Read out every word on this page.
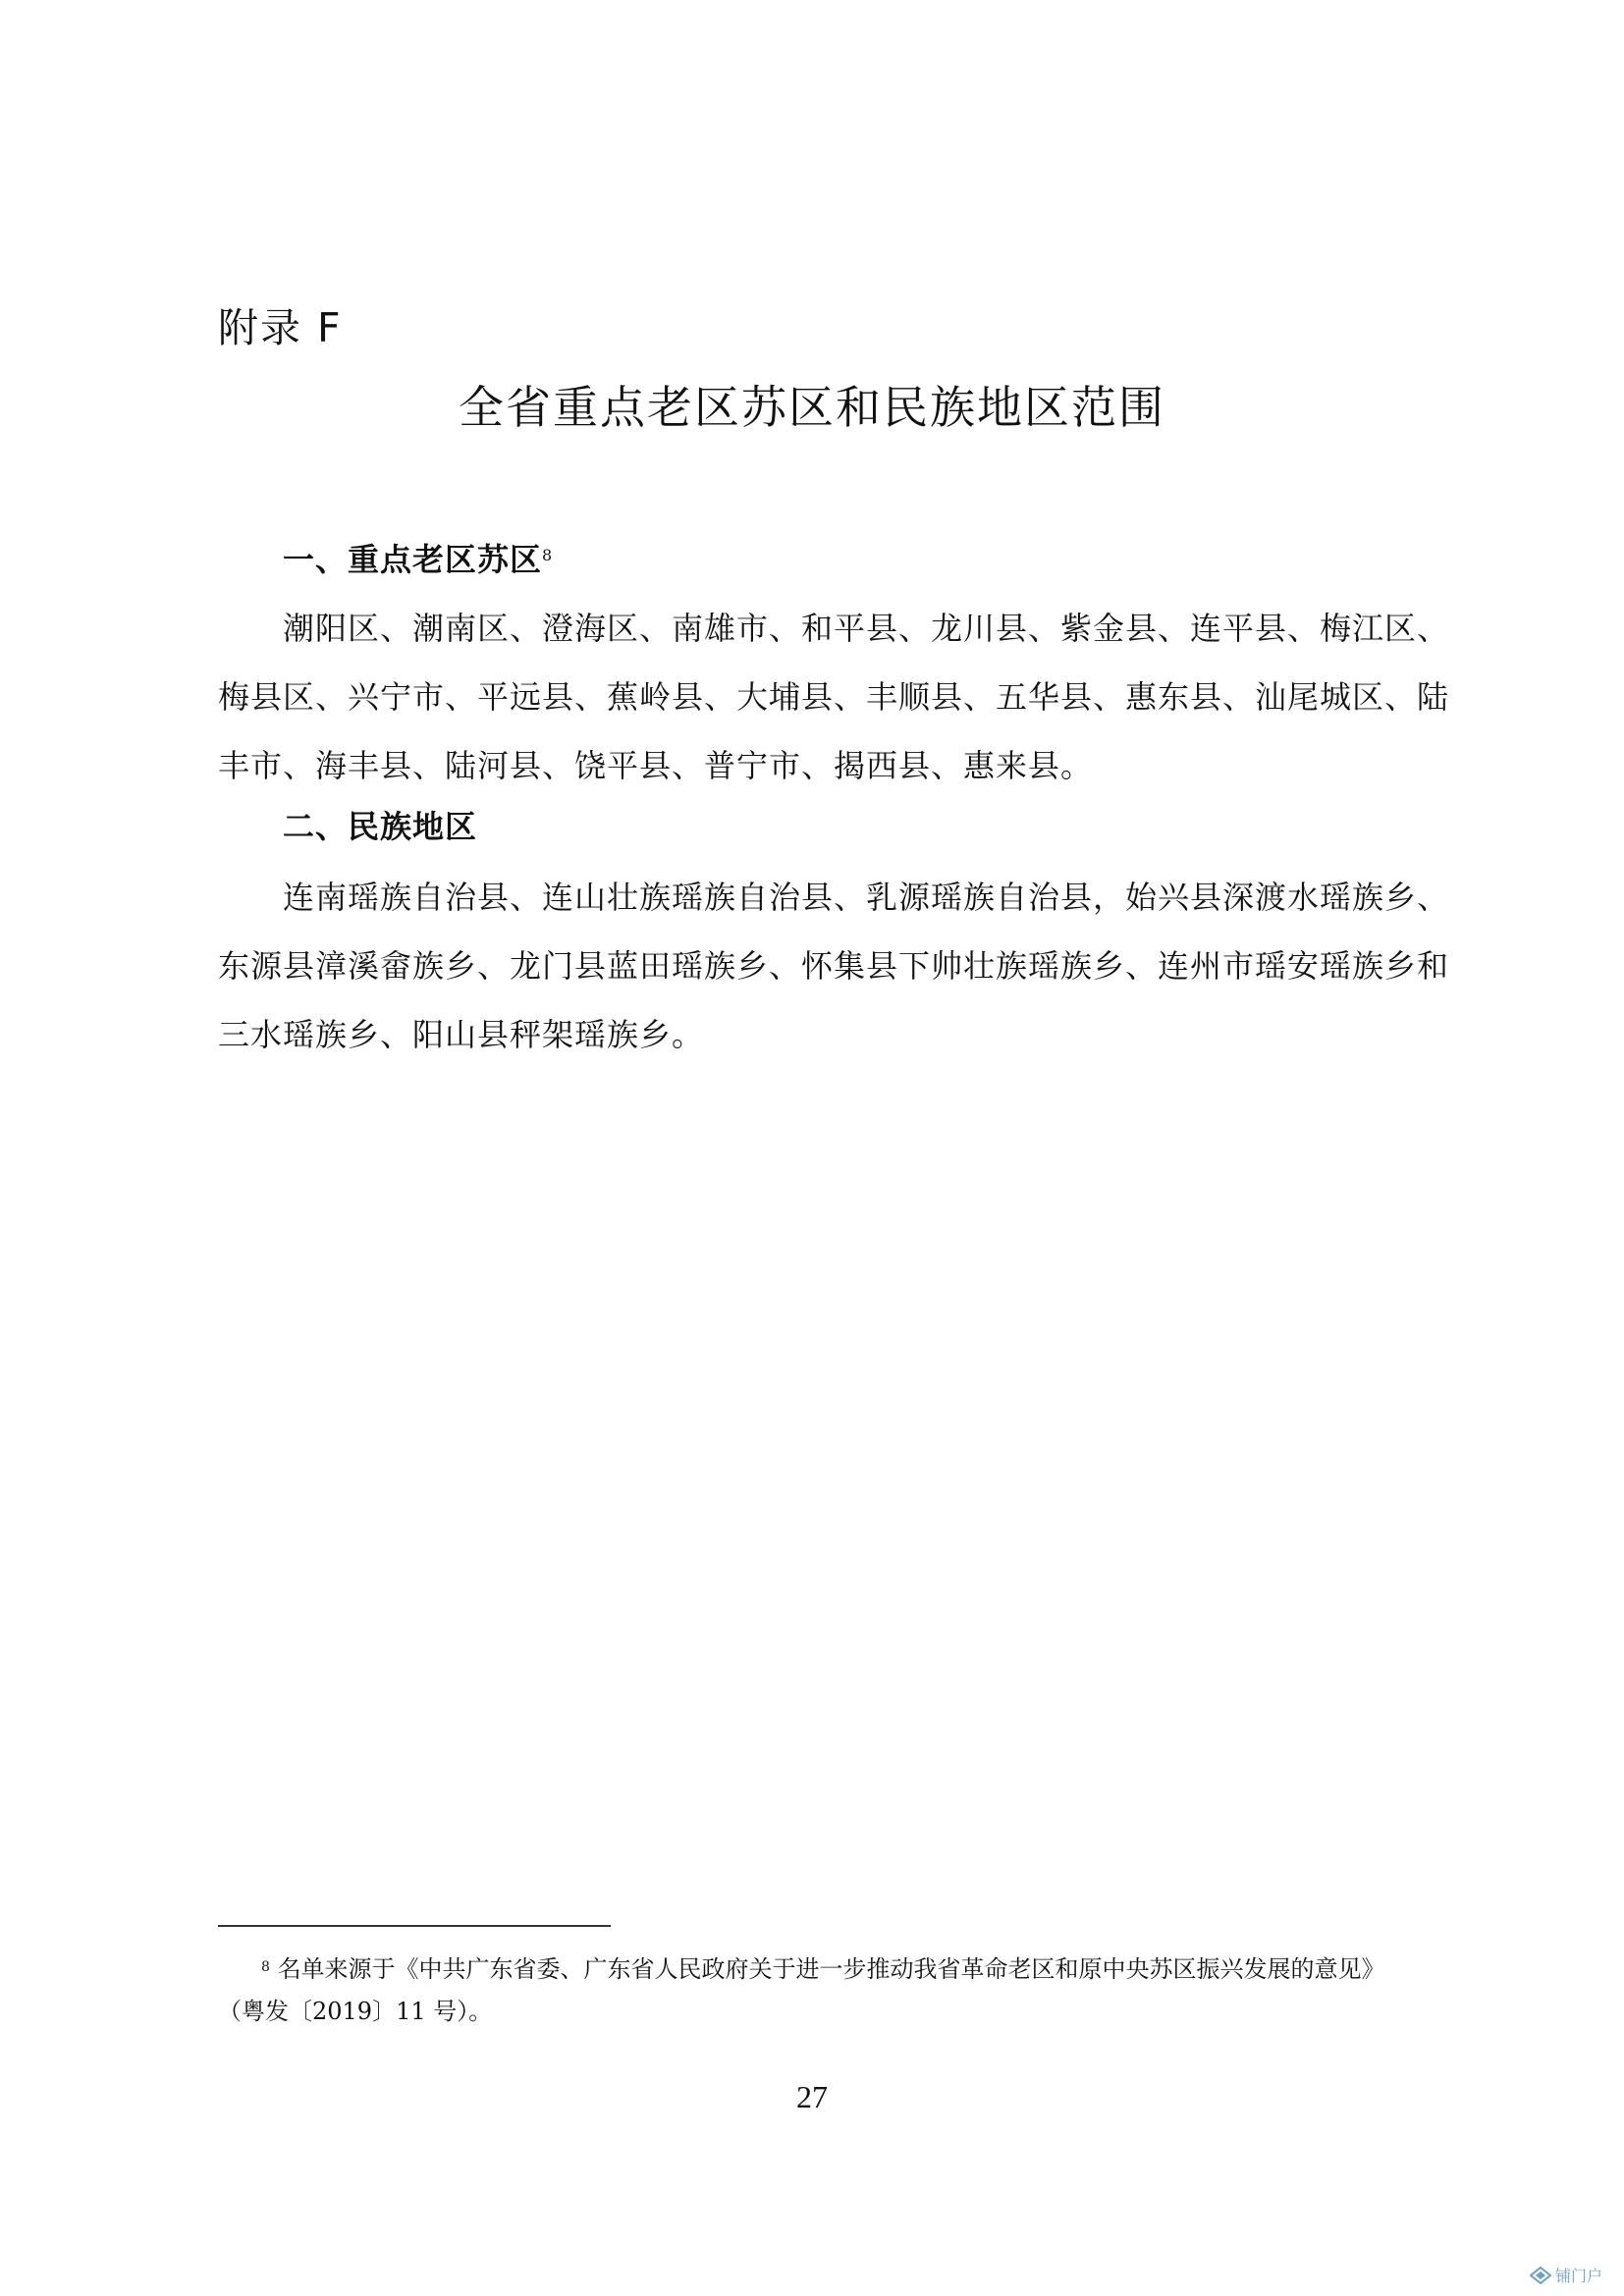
附录 F
全省重点老区苏区和民族地区范围
一、重点老区苏区$^8$
潮阳区、潮南区、澄海区、南雄市、和平县、龙川县、紫金县、连平县、梅江区、
梅县区、兴宁市、平远县、蕉岭县、大埔县、丰顺县、五华县、惠东县、汕尾城区、陆
丰市、海丰县、陆河县、饶平县、普宁市、揭西县、惠来县。
二、民族地区
连南瑶族自治县、连山壮族瑶族自治县、乳源瑶族自治县，始兴县深渡水瑶族乡、
东源县漳溪畲族乡、龙门县蓝田瑶族乡、怀集县下帅壮族瑶族乡、连州市瑶安瑶族乡和
三水瑶族乡、阳山县秤架瑶族乡。
$^8$ 名单来源于《中共广东省委、广东省人民政府关于进一步推动我省革命老区和原中央苏区振兴发展的意见》
（粤发〔2019〕11 号）。
27
铺门户
